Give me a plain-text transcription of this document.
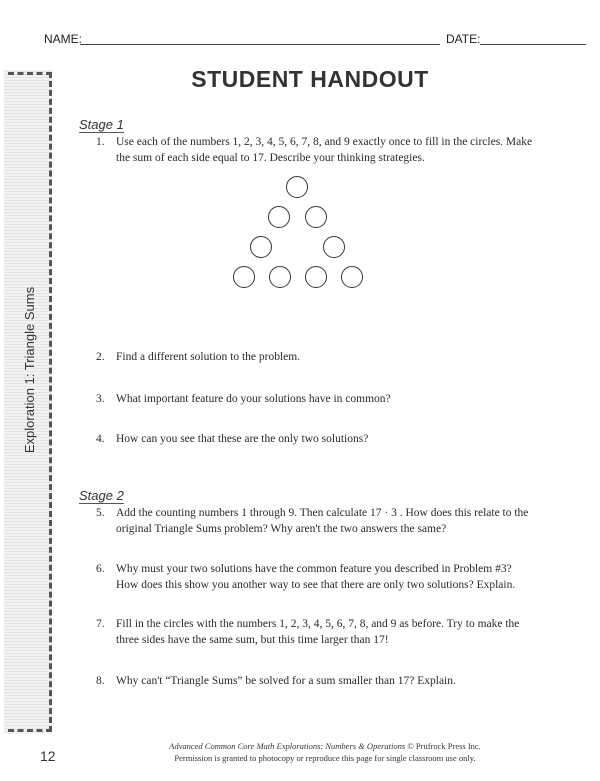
NAME:	DATE:
Exploration 1: Triangle Sums
12
STUDENT HANDOUT
Stage 1
1. Use each of the numbers 1, 2, 3, 4, 5, 6, 7, 8, and 9 exactly once to fill in the circles. Make the sum of each side equal to 17. Describe your thinking strategies.
2. Find a different solution to the problem.
3. What important feature do your solutions have in common?
4. How can you see that these are the only two solutions?
Stage 2
5. Add the counting numbers 1 through 9. Then calculate 17 · 3 . How does this relate to the original Triangle Sums problem? Why aren't the two answers the same?
6. Why must your two solutions have the common feature you described in Problem #3? How does this show you another way to see that there are only two solutions? Explain.
7. Fill in the circles with the numbers 1, 2, 3, 4, 5, 6, 7, 8, and 9 as before. Try to make the three sides have the same sum, but this time larger than 17!
8. Why can't “Triangle Sums” be solved for a sum smaller than 17? Explain.
Advanced Common Core Math Explorations: Numbers & Operations © Prufrock Press Inc.
Permission is granted to photocopy or reproduce this page for single classroom use only.
